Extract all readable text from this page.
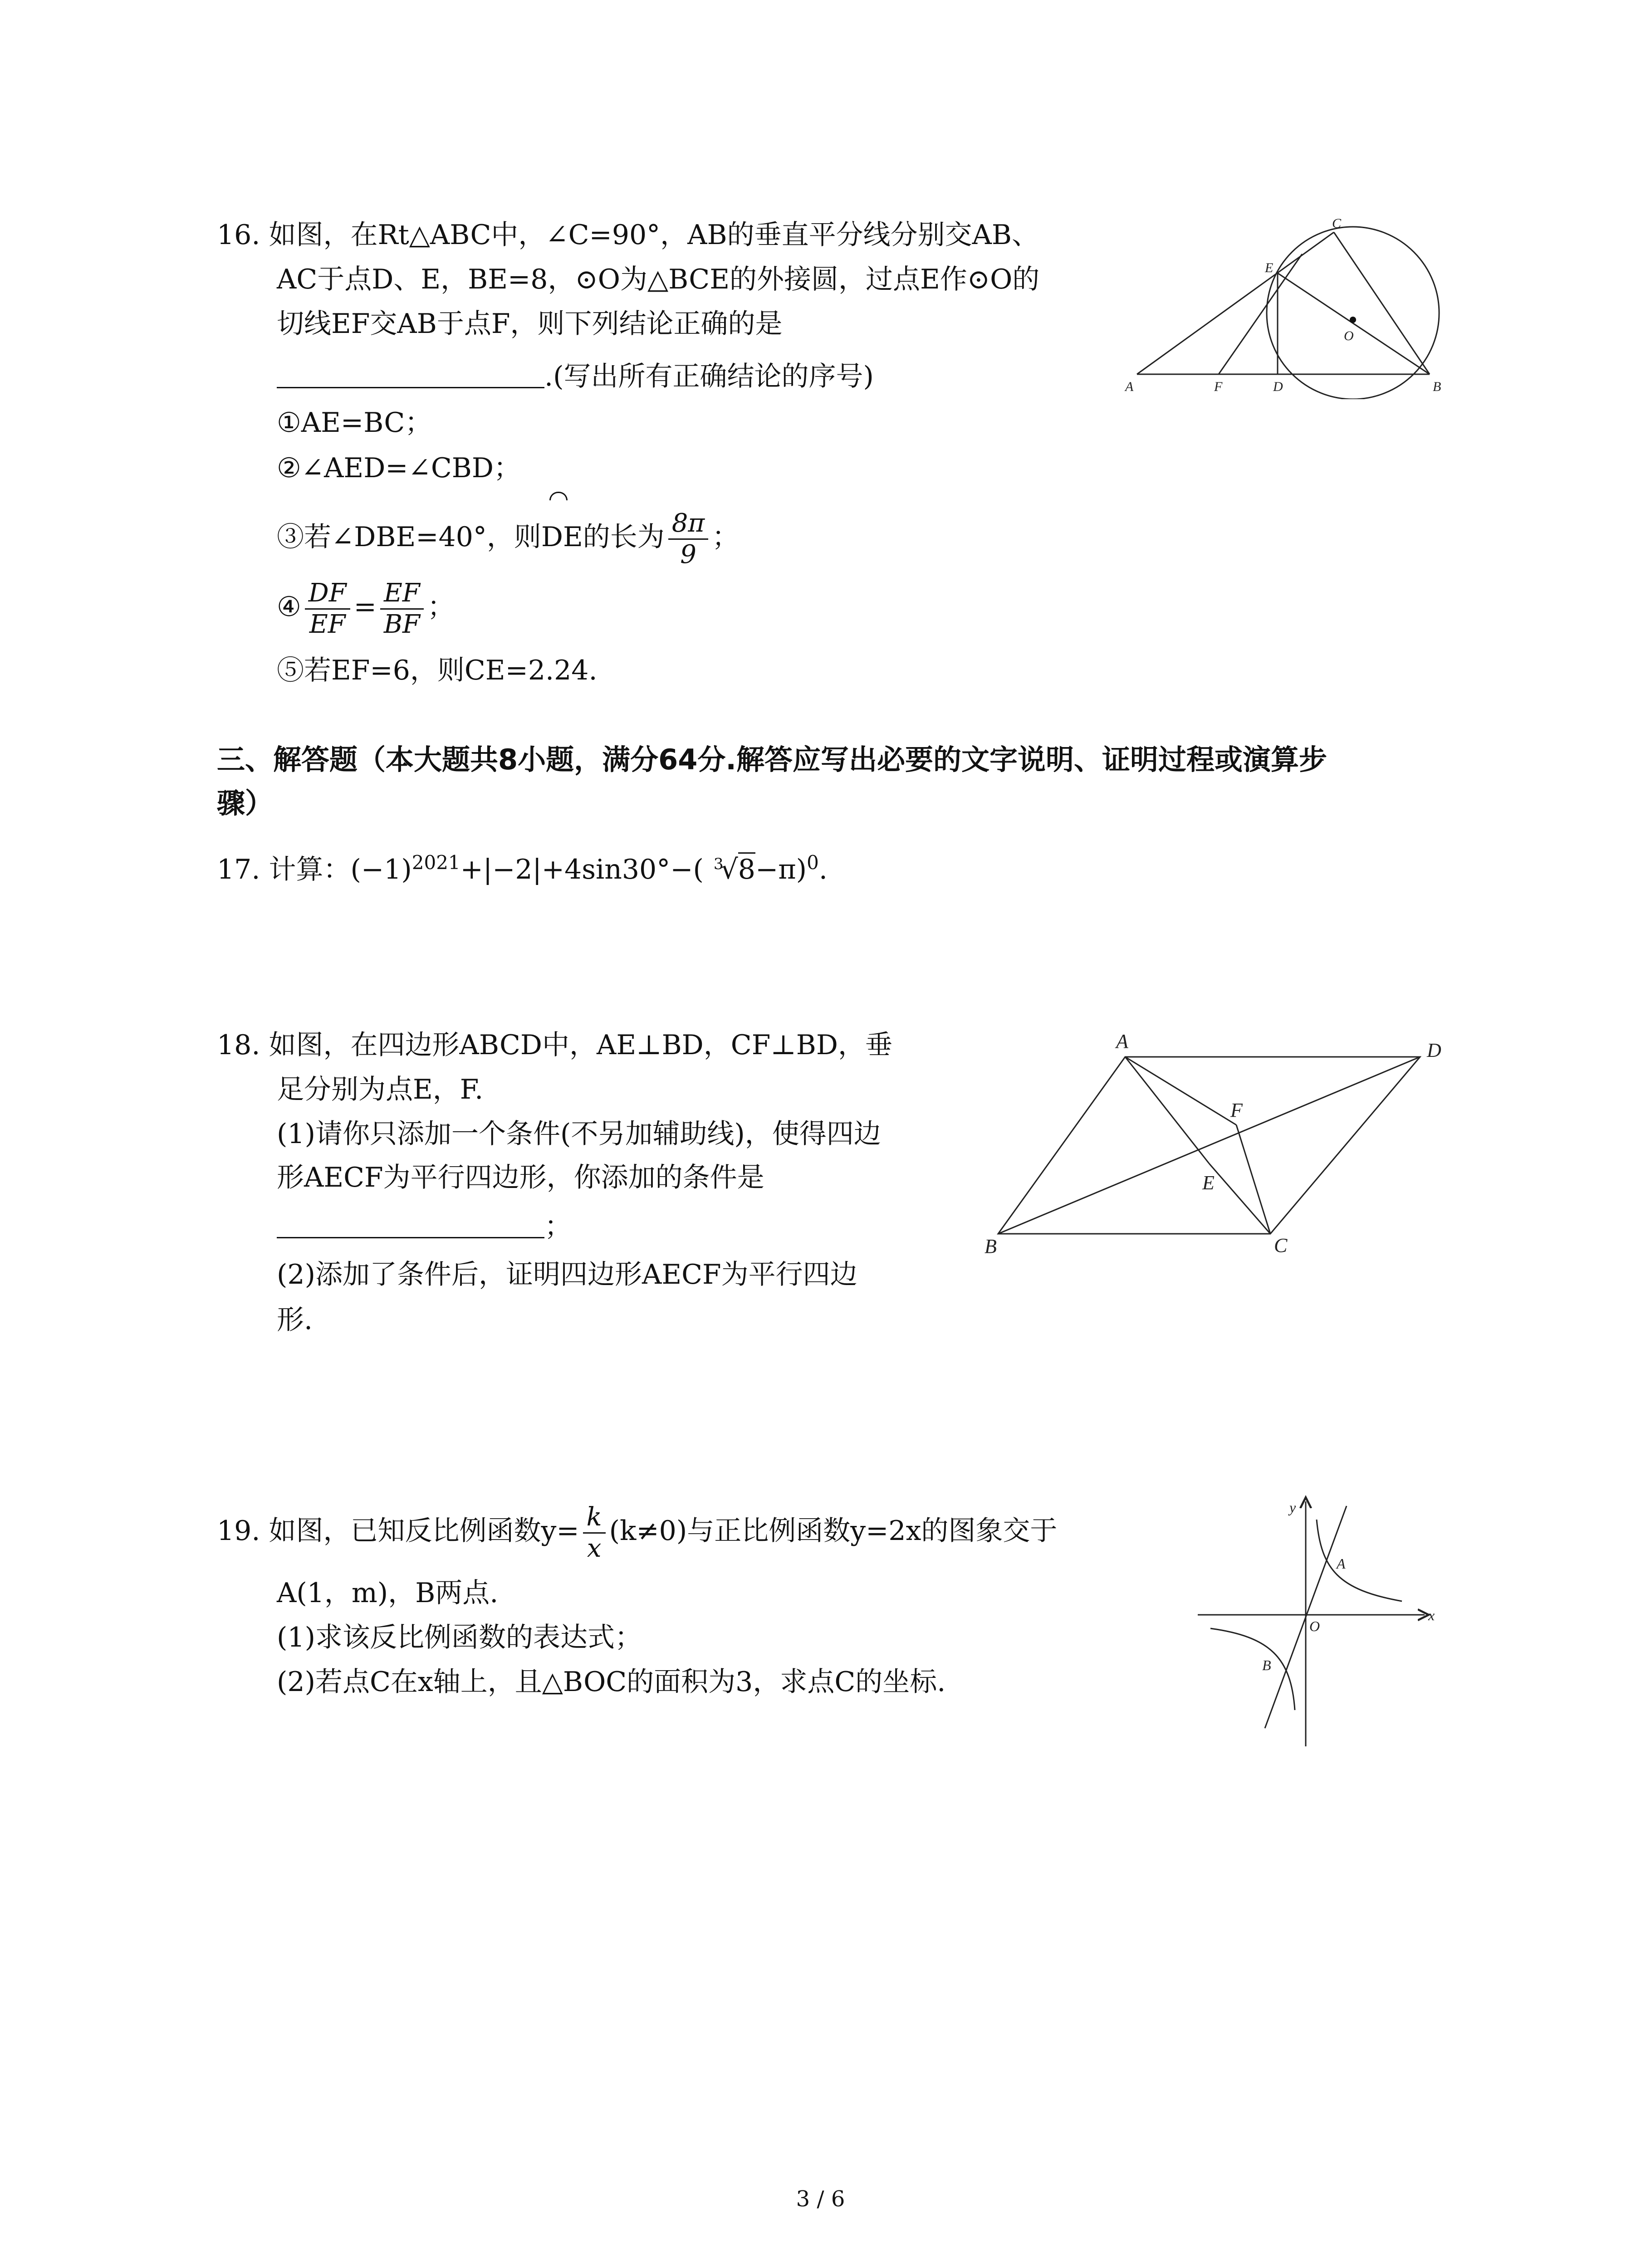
16. 如图，在Rt△ABC中，∠C=90°，AB的垂直平分线分别交AB、
AC于点D、E，BE=8，⊙O为△BCE的外接圆，过点E作⊙O的
切线EF交AB于点F，则下列结论正确的是
.(写出所有正确结论的序号)
①AE=BC；
②∠AED=∠CBD；
③若∠DBE=40°，则DE的长为 $\frac{8\pi}{9}$ ；
④ $\frac{DF}{EF} = \frac{EF}{BF}$ ；
⑤若EF=6，则CE=2.24.
C
E
O
A	F	D	B
三、解答题（本大题共8小题，满分64分.解答应写出必要的文字说明、证明过程或演算步
骤）
17. 计算：$(-1)^{2021}+|-2|+4\sin 30^\circ-$( $^3$√8−π)$^0$.
18. 如图，在四边形ABCD中，AE⊥BD，CF⊥BD，垂
足分别为点E，F.
(1)请你只添加一个条件(不另加辅助线)，使得四边
形AECF为平行四边形，你添加的条件是
；
(2)添加了条件后，证明四边形AECF为平行四边
形.
A	D
F
E
B	C
19. 如图，已知反比例函数$y= \frac{k}{x} (k\ne 0)$与正比例函数y=2x的图象交于
A(1，m)，B两点.
(1)求该反比例函数的表达式；
(2)若点C在x轴上，且△BOC的面积为3，求点C的坐标.
y
x
O
A
B
3 / 6
